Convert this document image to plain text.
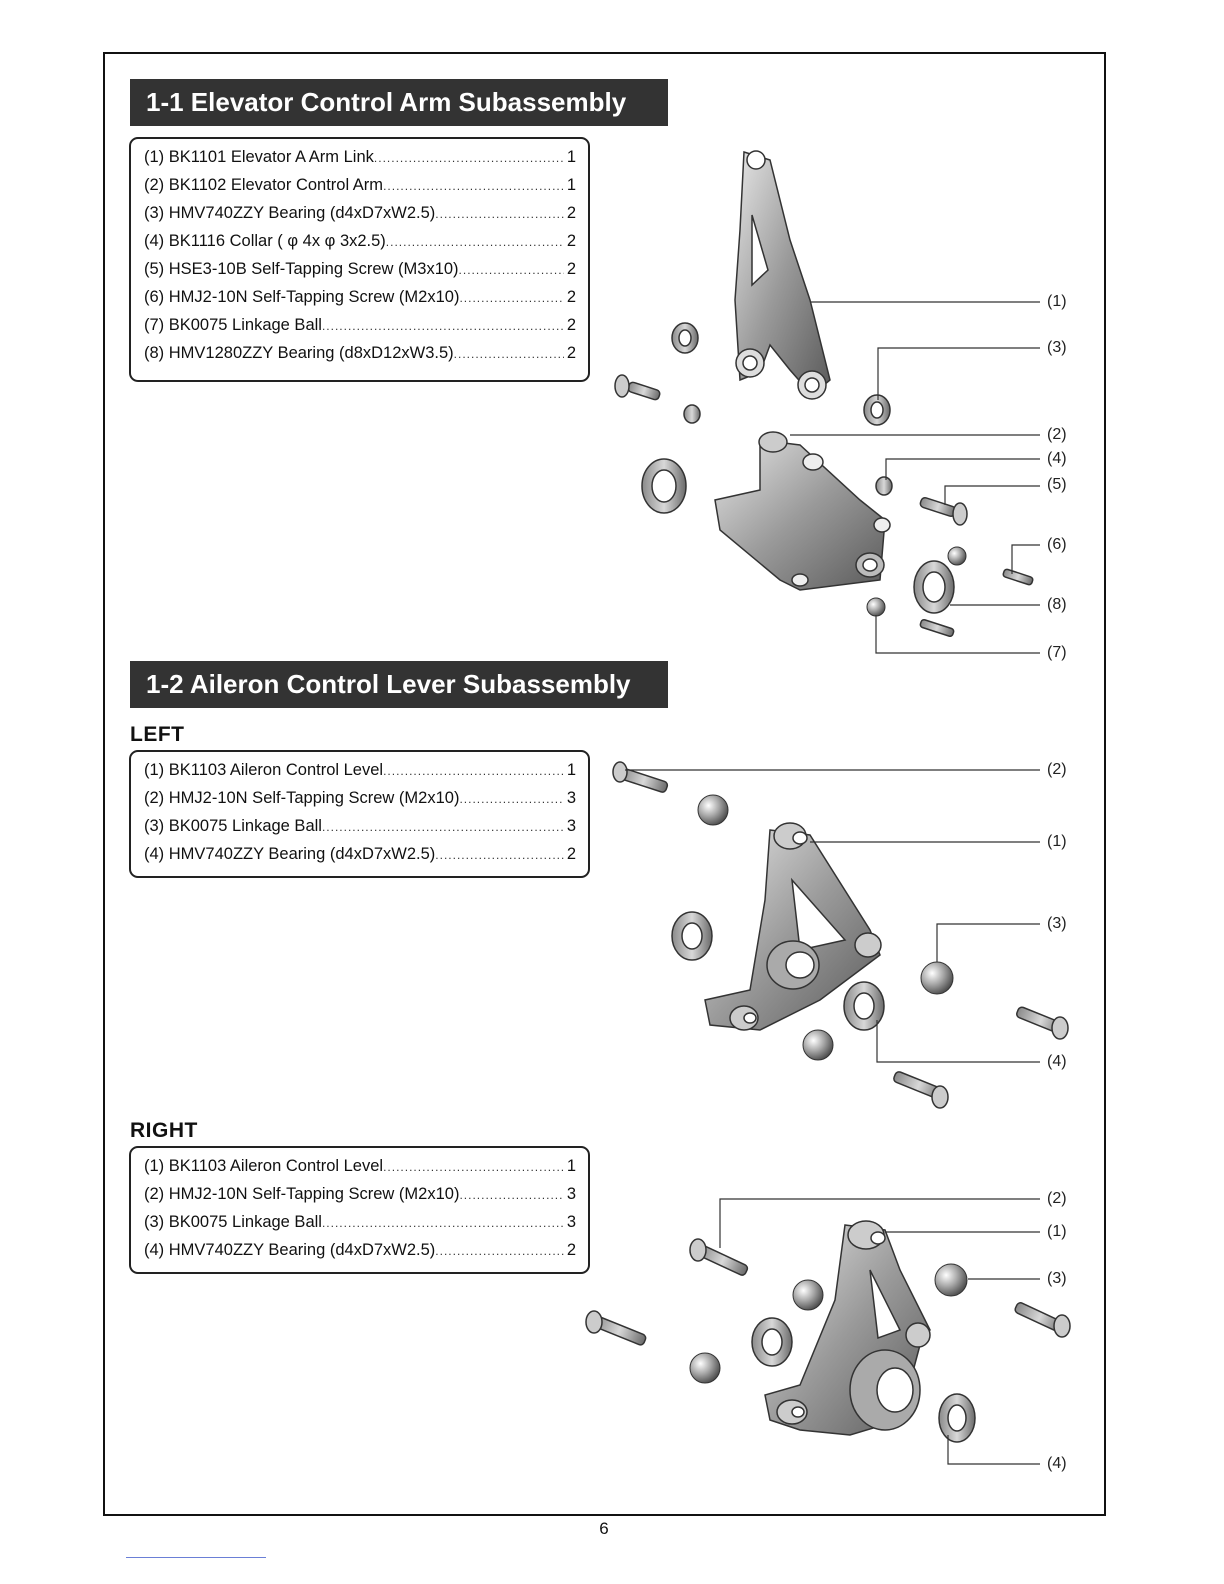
1-1 Elevator Control Arm Subassembly
(1) BK1101 Elevator A Arm Link .....	1
(2) BK1102 Elevator Control Arm .....	1
(3) HMV740ZZY Bearing (d4xD7xW2.5) .....	2
(4) BK1116 Collar ( φ 4x φ 3x2.5) .....	2
(5) HSE3-10B Self-Tapping Screw (M3x10) .....	2
(6) HMJ2-10N Self-Tapping Screw (M2x10) .....	2
(7) BK0075 Linkage Ball .....	2
(8) HMV1280ZZY Bearing (d8xD12xW3.5) .....	2
1-2 Aileron Control Lever Subassembly
LEFT
(1) BK1103 Aileron Control Level .....	1
(2) HMJ2-10N Self-Tapping Screw (M2x10) .....	3
(3) BK0075 Linkage Ball .....	3
(4) HMV740ZZY Bearing (d4xD7xW2.5) .....	2
RIGHT
(1) BK1103 Aileron Control Level .....	1
(2) HMJ2-10N Self-Tapping Screw (M2x10) .....	3
(3) BK0075 Linkage Ball .....	3
(4) HMV740ZZY Bearing (d4xD7xW2.5) .....	2
(1)
(3)
(2)
(4)
(5)
(6)
(8)
(7)
(2)
(1)
(3)
(4)
(2)
(1)
(3)
(4)
6
